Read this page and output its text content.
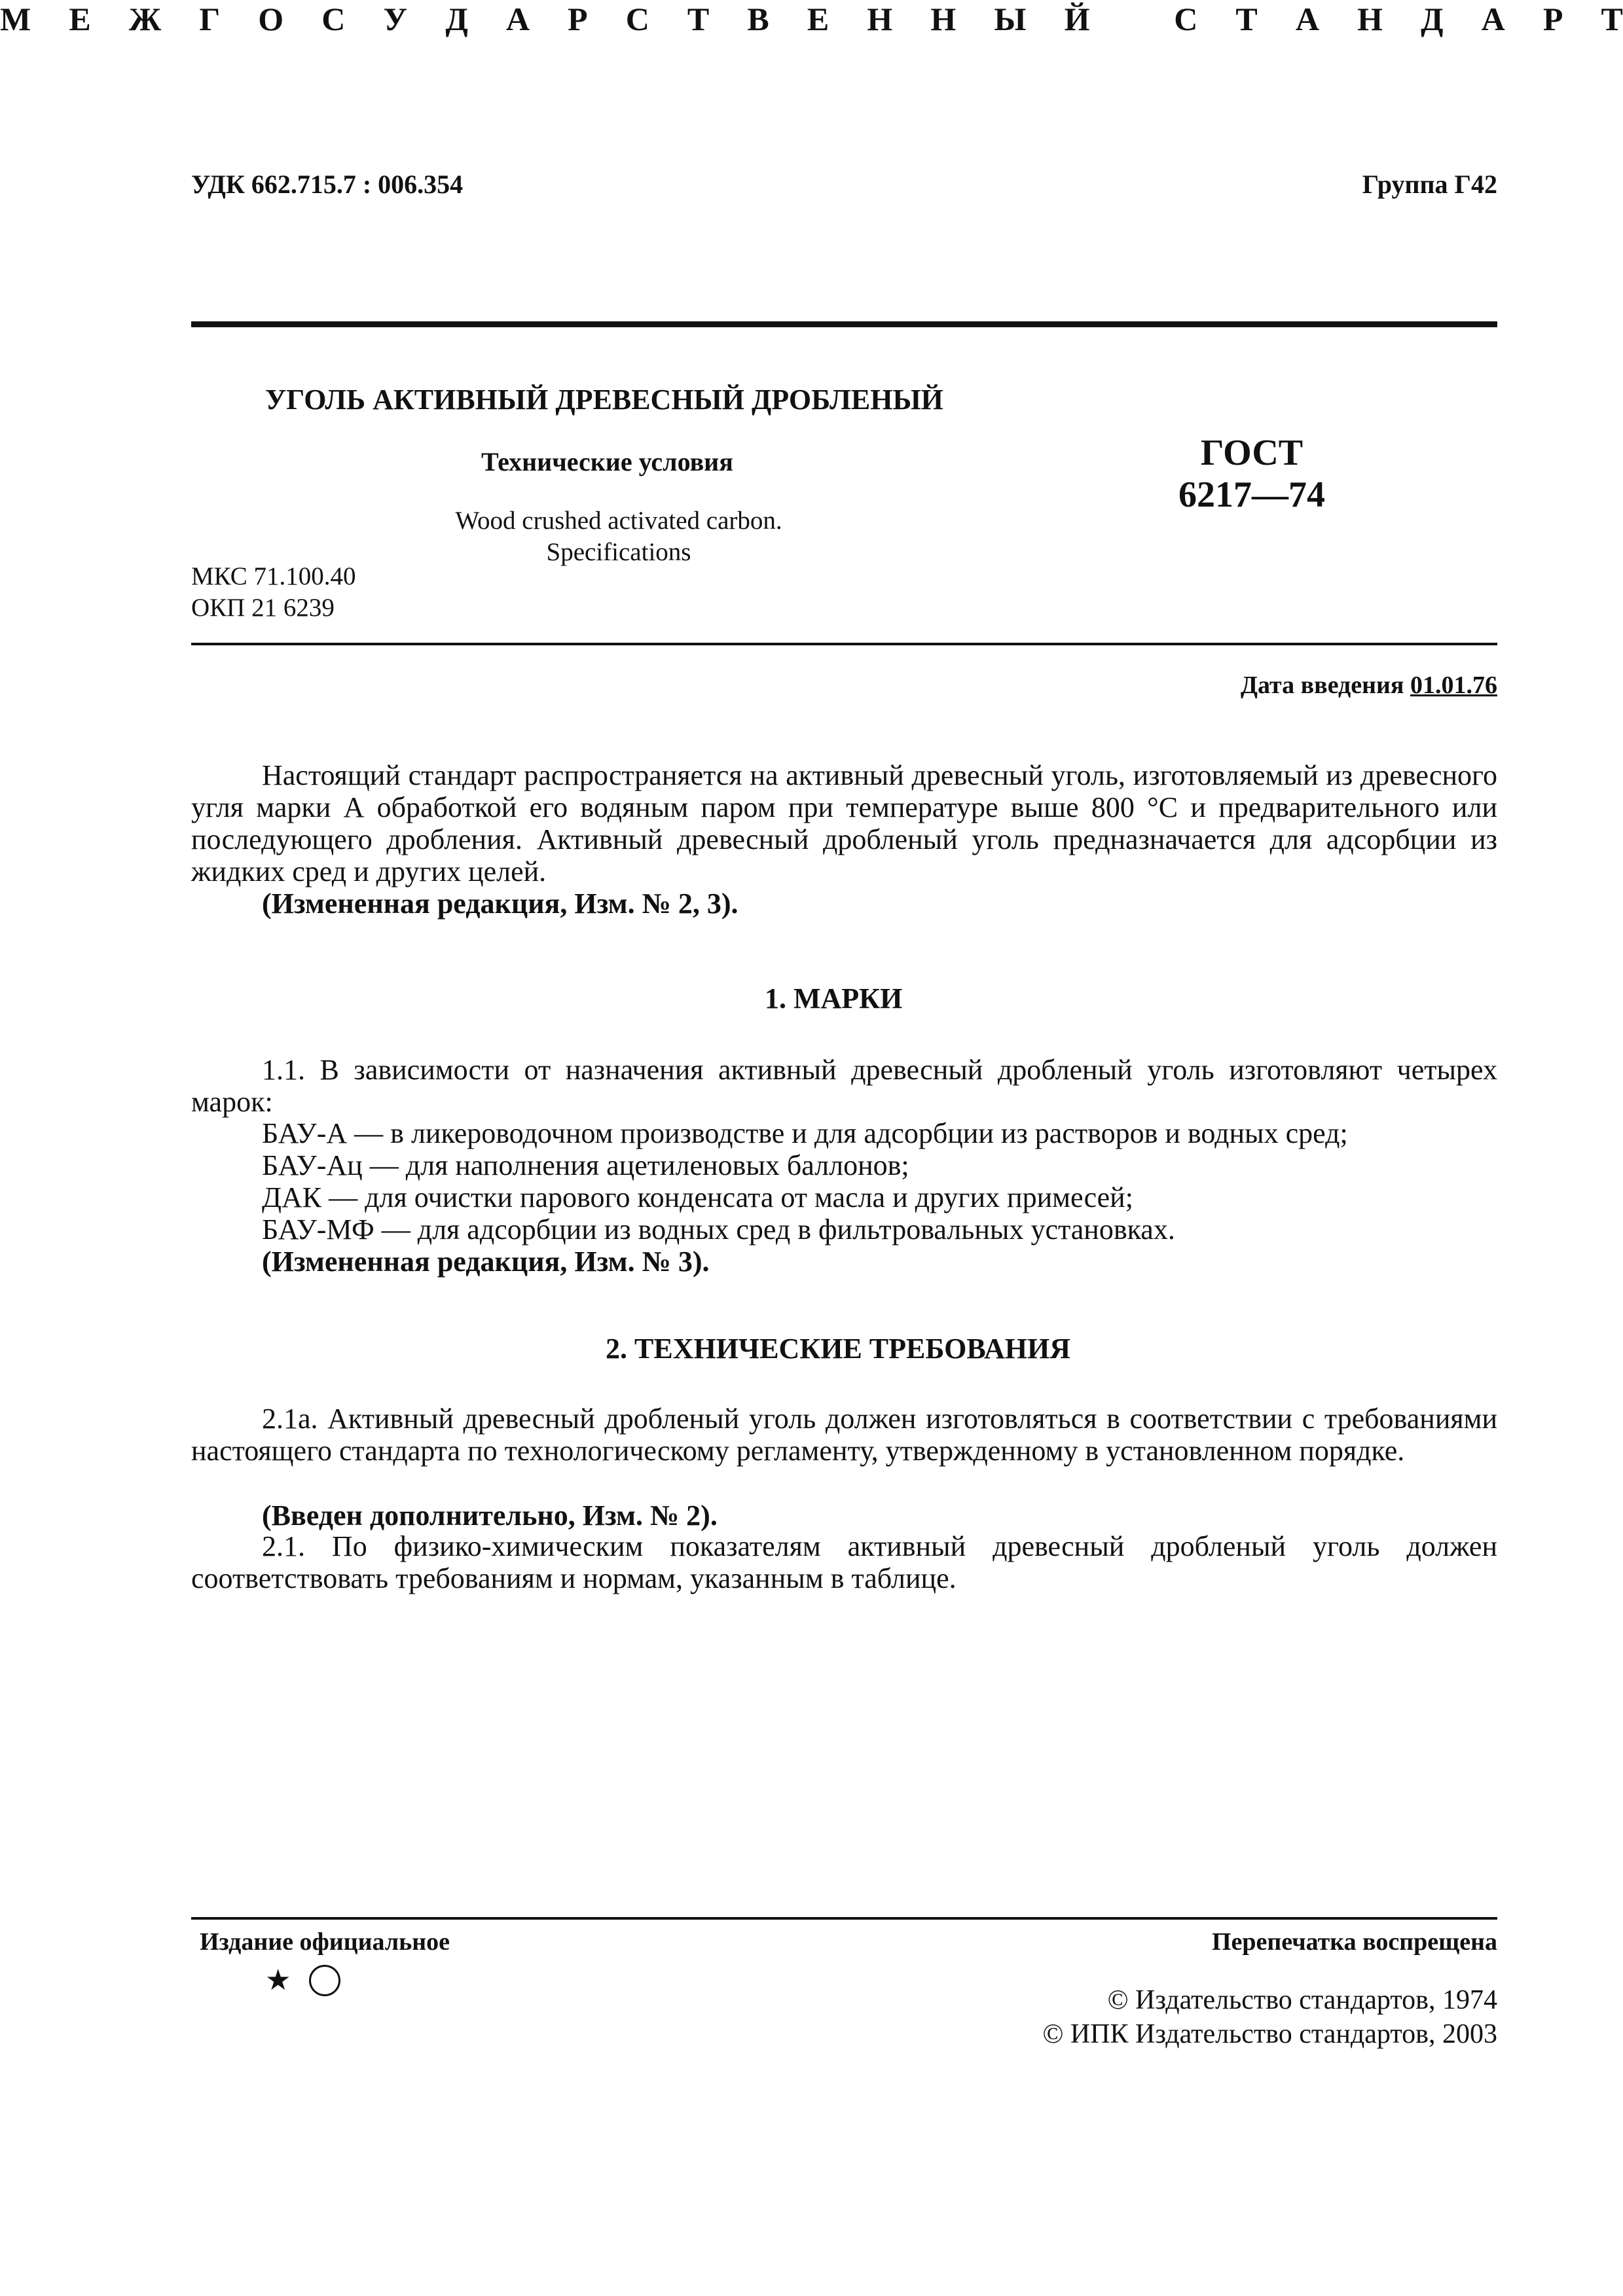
УДК 662.715.7 : 006.354	Группа Г42
М Е Ж Г О С У Д А Р С Т В Е Н Н Ы Й
	С Т А Н Д А Р Т
УГОЛЬ АКТИВНЫЙ ДРЕВЕСНЫЙ ДРОБЛЕНЫЙ
Технические условия
Wood crushed activated carbon. Specifications
ГОСТ
6217—74
МКС 71.100.40
ОКП 21 6239
Дата введения 01.01.76

Настоящий стандарт распространяется на активный древесный уголь, изготовляемый из древесного угля марки А обработкой его водяным паром при температуре выше 800 °С и предварительного или последующего дробления. Активный древесный дробленый уголь предназначается для адсорбции из жидких сред и других целей.

(Измененная редакция, Изм. № 2, 3).
1. МАРКИ

1.1. В зависимости от назначения активный древесный дробленый уголь изготовляют четырех марок:

БАУ-А — в ликероводочном производстве и для адсорбции из растворов и водных сред;
БАУ-Ац — для наполнения ацетиленовых баллонов;
ДАК — для очистки парового конденсата от масла и других примесей;
БАУ-МФ — для адсорбции из водных сред в фильтровальных установках.
(Измененная редакция, Изм. № 3).
2. ТЕХНИЧЕСКИЕ ТРЕБОВАНИЯ

2.1а. Активный древесный дробленый уголь должен изготовляться в соответствии с требованиями настоящего стандарта по технологическому регламенту, утвержденному в установленном порядке.

(Введен дополнительно, Изм. № 2).

2.1. По физико-химическим показателям активный древесный дробленый уголь должен соответствовать требованиям и нормам, указанным в таблице.

Издание официальное	Перепечатка воспрещена
★
© Издательство стандартов, 1974
© ИПК Издательство стандартов, 2003
